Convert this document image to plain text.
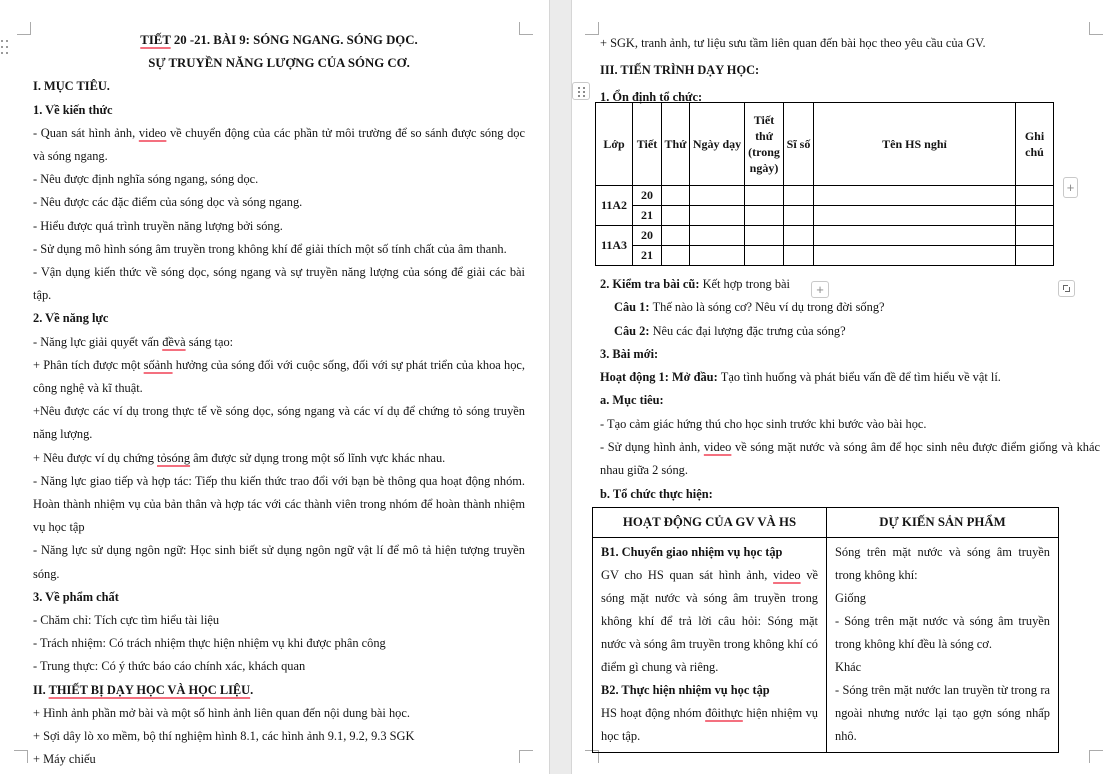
TIẾT 20 -21. BÀI 9: SÓNG NGANG. SÓNG DỌC.
SỰ TRUYỀN NĂNG LƯỢNG CỦA SÓNG CƠ.
I. MỤC TIÊU.
1. Về kiến thức
- Quan sát hình ảnh, video về chuyển động của các phần tử môi trường để so sánh được sóng dọc và sóng ngang.
- Nêu được định nghĩa sóng ngang, sóng dọc.
- Nêu được các đặc điểm của sóng dọc và sóng ngang.
- Hiểu được quá trình truyền năng lượng bởi sóng.
- Sử dụng mô hình sóng âm truyền trong không khí để giải thích một số tính chất của âm thanh.
- Vận dụng kiến thức về sóng dọc, sóng ngang và sự truyền năng lượng của sóng để giải các bài tập.
2. Về năng lực
- Năng lực giải quyết vấn đềvà sáng tạo:
+ Phân tích được một sốảnh hưởng của sóng đối với cuộc sống, đối với sự phát triển của khoa học, công nghệ và kĩ thuật.
+Nêu được các ví dụ trong thực tế về sóng dọc, sóng ngang và các ví dụ để chứng tỏ sóng truyền năng lượng.
+ Nêu được ví dụ chứng tỏsóng âm được sử dụng trong một số lĩnh vực khác nhau.
- Năng lực giao tiếp và hợp tác: Tiếp thu kiến thức trao đổi với bạn bè thông qua hoạt động nhóm. Hoàn thành nhiệm vụ của bản thân và hợp tác với các thành viên trong nhóm để hoàn thành nhiệm vụ học tập
- Năng lực sử dụng ngôn ngữ: Học sinh biết sử dụng ngôn ngữ vật lí để mô tả hiện tượng truyền sóng.
3. Về phẩm chất
- Chăm chỉ: Tích cực tìm hiểu tài liệu
- Trách nhiệm: Có trách nhiệm thực hiện nhiệm vụ khi được phân công
- Trung thực: Có ý thức báo cáo chính xác, khách quan
II. THIẾT BỊ DẠY HỌC VÀ HỌC LIỆU.
+ Hình ảnh phần mở bài và một số hình ảnh liên quan đến nội dung bài học.
+ Sợi dây lò xo mềm, bộ thí nghiệm hình 8.1, các hình ảnh 9.1, 9.2, 9.3 SGK
+ Máy chiếu
+ SGK, tranh ảnh, tư liệu sưu tầm liên quan đến bài học theo yêu cầu của GV.
III. TIẾN TRÌNH DẠY HỌC:
1. Ổn định tổ chức:
Lớp	Tiết	Thứ	Ngày dạy	Tiết thứ (trong ngày)	Sĩ số	Tên HS nghỉ	Ghi chú
11A2	20						
	21						
11A3	20						
	21						
2. Kiểm tra bài cũ: Kết hợp trong bài
Câu 1: Thế nào là sóng cơ? Nêu ví dụ trong đời sống?
Câu 2: Nêu các đại lượng đặc trưng của sóng?
3. Bài mới:
Hoạt động 1: Mở đầu: Tạo tình huống và phát biểu vấn đề để tìm hiểu về vật lí.
a. Mục tiêu:
- Tạo cảm giác hứng thú cho học sinh trước khi bước vào bài học.
- Sử dụng hình ảnh, video về sóng mặt nước và sóng âm để học sinh nêu được điểm giống và khác nhau giữa 2 sóng.
b. Tổ chức thực hiện:
HOẠT ĐỘNG CỦA GV VÀ HS	DỰ KIẾN SẢN PHẨM

B1. Chuyển giao nhiệm vụ học tập
GV cho HS quan sát hình ảnh, video về sóng mặt nước và sóng âm truyền trong không khí để trả lời câu hỏi: Sóng mặt nước và sóng âm truyền trong không khí có điểm gì chung và riêng.
B2. Thực hiện nhiệm vụ học tập
HS hoạt động nhóm đôithực hiện nhiệm vụ học tập.

Sóng trên mặt nước và sóng âm truyền trong không khí:
Giống
- Sóng trên mặt nước và sóng âm truyền trong không khí đều là sóng cơ.
Khác
- Sóng trên mặt nước lan truyền từ trong ra ngoài nhưng nước lại tạo gợn sóng nhấp nhô.
+
+
